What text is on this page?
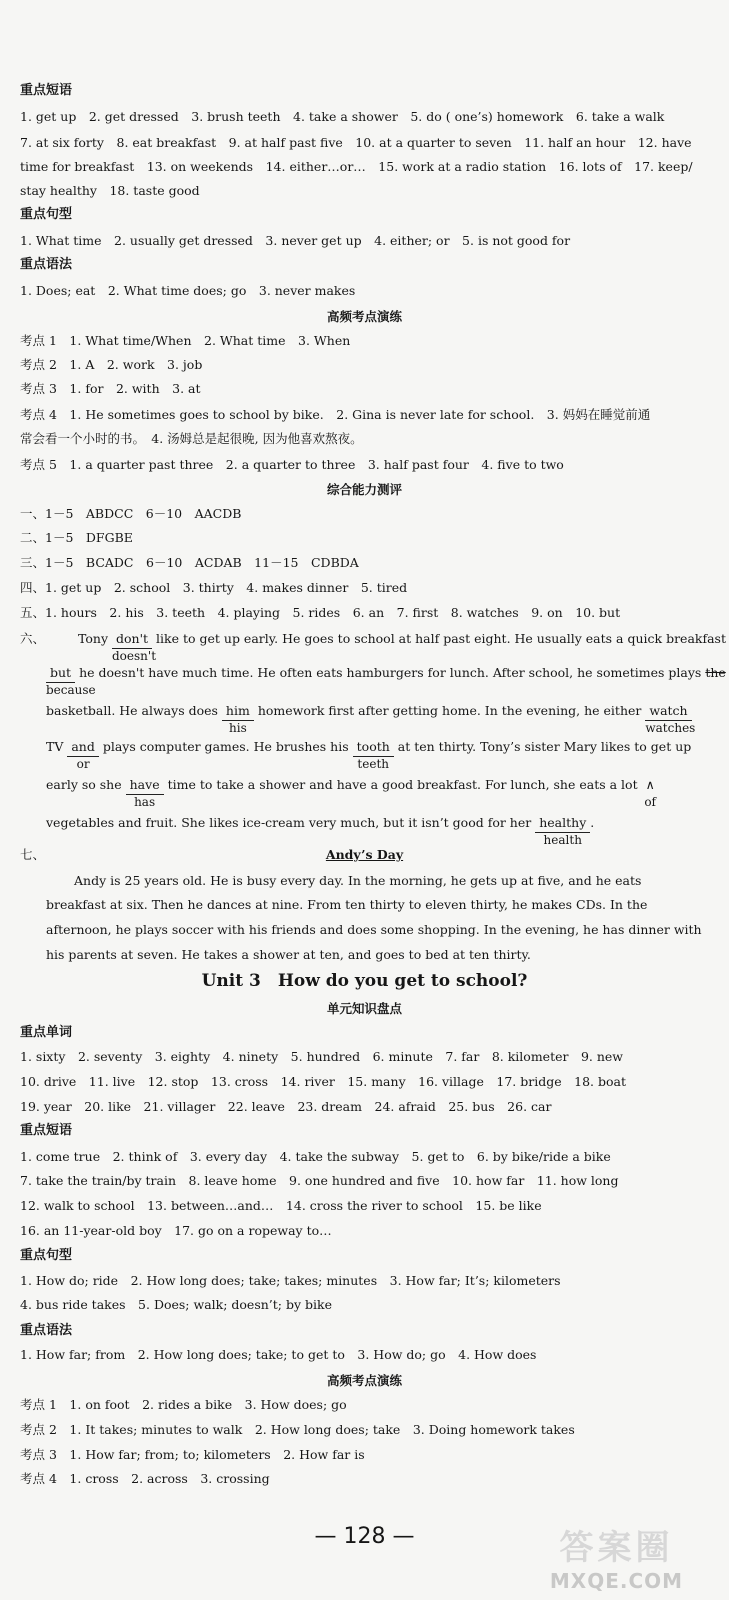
重点短语
1. get up　2. get dressed　3. brush teeth　4. take a shower　5. do ( one’s) homework　6. take a walk
7. at six forty　8. eat breakfast　9. at half past five　10. at a quarter to seven　11. half an hour　12. have
time for breakfast　13. on weekends　14. either…or…　15. work at a radio station　16. lots of　17. keep/
stay healthy　18. taste good
重点句型
1. What time　2. usually get dressed　3. never get up　4. either; or　5. is not good for
重点语法
1. Does; eat　2. What time does; go　3. never makes
高频考点演练
考点 1　1. What time/When　2. What time　3. When
考点 2　1. A　2. work　3. job
考点 3　1. for　2. with　3. at
考点 4　1. He sometimes goes to school by bike.　2. Gina is never late for school.　3. 妈妈在睡觉前通
常会看一个小时的书。　4. 汤姆总是起很晚, 因为他喜欢熬夜。
考点 5　1. a quarter past three　2. a quarter to three　3. half past four　4. five to two
综合能力测评
一、1－5　ABDCC　6－10　AACDB
二、1－5　DFGBE
三、1－5　BCADC　6－10　ACDAB　11－15　CDBDA
四、1. get up　2. school　3. thirty　4. makes dinner　5. tired
五、1. hours　2. his　3. teeth　4. playing　5. rides　6. an　7. first　8. watches　9. on　10. but
六、	Tony don't
doesn't
like to get up early. He goes to school at half past eight. He usually eats a quick breakfast
but
because
he doesn't have much time. He often eats hamburgers for lunch. After school, he sometimes plays the
basketball. He always does him
his
homework first after getting home. In the evening, he either watch
watches
TV and
or
plays computer games. He brushes his tooth
teeth
at ten thirty. Tony’s sister Mary likes to get up
early so she have
has
time to take a shower and have a good breakfast. For lunch, she eats a lot ∧
of
vegetables and fruit. She likes ice-cream very much, but it isn’t good for her healthy
health
.
七、	Andy’s Day
Andy is 25 years old. He is busy every day. In the morning, he gets up at five, and he eats
breakfast at six. Then he dances at nine. From ten thirty to eleven thirty, he makes CDs. In the
afternoon, he plays soccer with his friends and does some shopping. In the evening, he has dinner with
his parents at seven. He takes a shower at ten, and goes to bed at ten thirty.
Unit 3　How do you get to school?
单元知识盘点
重点单词
1. sixty　2. seventy　3. eighty　4. ninety　5. hundred　6. minute　7. far　8. kilometer　9. new
10. drive　11. live　12. stop　13. cross　14. river　15. many　16. village　17. bridge　18. boat
19. year　20. like　21. villager　22. leave　23. dream　24. afraid　25. bus　26. car
重点短语
1. come true　2. think of　3. every day　4. take the subway　5. get to　6. by bike/ride a bike
7. take the train/by train　8. leave home　9. one hundred and five　10. how far　11. how long
12. walk to school　13. between…and…　14. cross the river to school　15. be like
16. an 11-year-old boy　17. go on a ropeway to…
重点句型
1. How do; ride　2. How long does; take; takes; minutes　3. How far; It’s; kilometers
4. bus ride takes　5. Does; walk; doesn’t; by bike
重点语法
1. How far; from　2. How long does; take; to get to　3. How do; go　4. How does
高频考点演练
考点 1　1. on foot　2. rides a bike　3. How does; go
考点 2　1. It takes; minutes to walk　2. How long does; take　3. Doing homework takes
考点 3　1. How far; from; to; kilometers　2. How far is
考点 4　1. cross　2. across　3. crossing
— 128 —	答案圈
MXQE.COM
